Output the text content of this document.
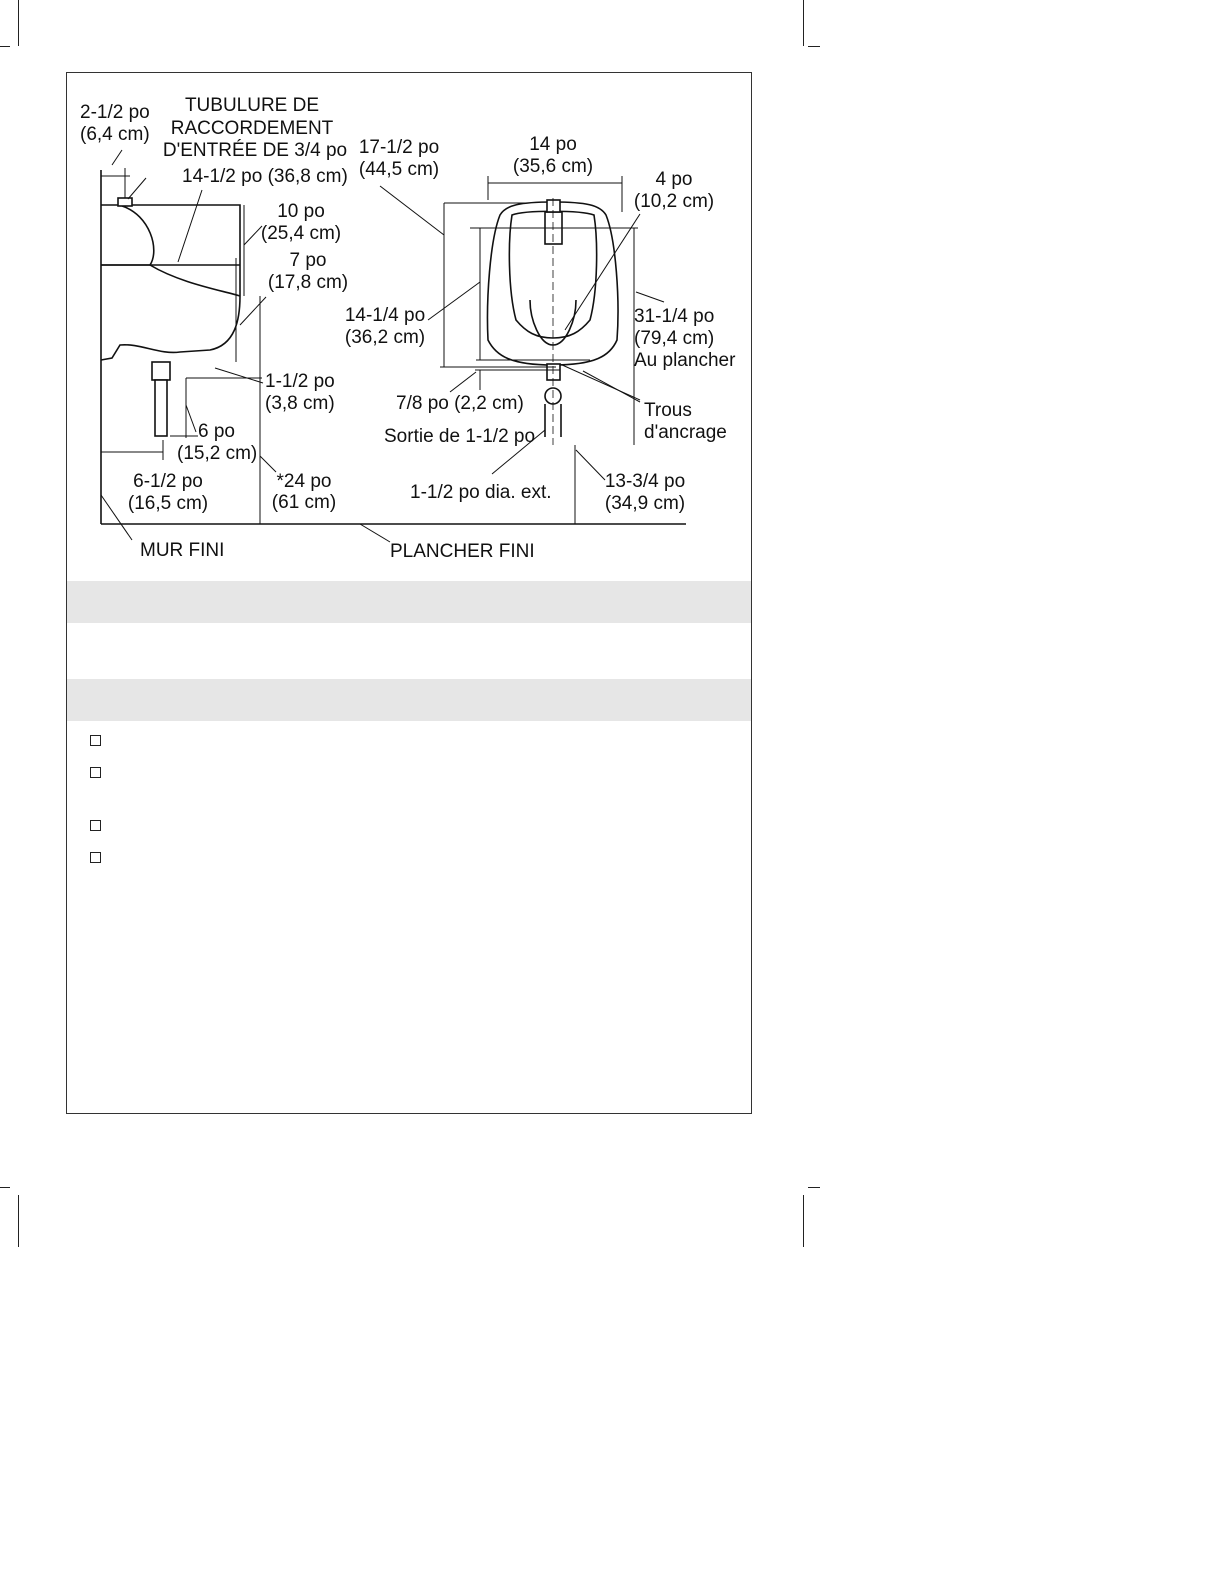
2-1/2 po
(6,4 cm)
TUBULURE DE
RACCORDEMENT
D'ENTRÉE DE 3/4 po
14-1/2 po (36,8 cm)
10 po
(25,4 cm)
7 po
(17,8 cm)
1-1/2 po
(3,8 cm)
6 po
(15,2 cm)
6-1/2 po
(16,5 cm)
*24 po
(61 cm)
MUR FINI	PLANCHER FINI
17-1/2 po
(44,5 cm)
14 po
(35,6 cm)
4 po
(10,2 cm)
14-1/4 po
(36,2 cm)
31-1/4 po
(79,4 cm)
Au plancher
7/8 po (2,2 cm)	Trous
d'ancrage
Sortie de 1-1/2 po
1-1/2 po dia. ext.
13-3/4 po
(34,9 cm)
